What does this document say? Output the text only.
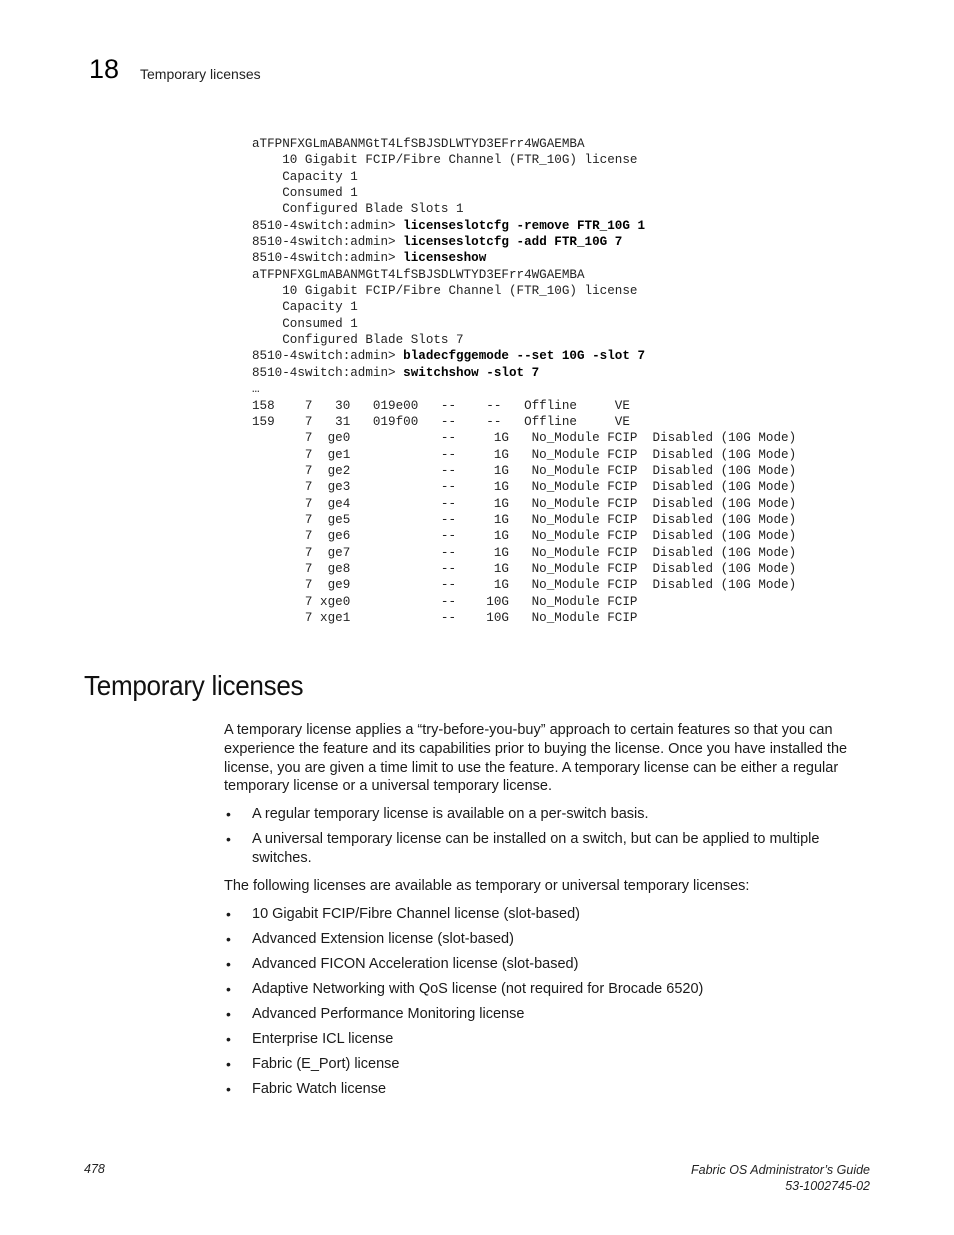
18 Temporary licenses
aTFPNFXGLmABANMGtT4LfSBJSDLWTYD3EFrr4WGAEMBA
10 Gigabit FCIP/Fibre Channel (FTR_10G) license
Capacity 1
Consumed 1
Configured Blade Slots 1
8510-4switch:admin> licenseslotcfg -remove FTR_10G 1
8510-4switch:admin> licenseslotcfg -add FTR_10G 7
8510-4switch:admin> licenseshow
aTFPNFXGLmABANMGtT4LfSBJSDLWTYD3EFrr4WGAEMBA
10 Gigabit FCIP/Fibre Channel (FTR_10G) license
Capacity 1
Consumed 1
Configured Blade Slots 7
8510-4switch:admin> bladecfggemode --set 10G -slot 7
8510-4switch:admin> switchshow -slot 7
…
158    7   30   019e00   --    --   Offline     VE
159    7   31   019f00   --    --   Offline     VE
7  ge0            --     1G   No_Module FCIP  Disabled (10G Mode)
7  ge1            --     1G   No_Module FCIP  Disabled (10G Mode)
7  ge2            --     1G   No_Module FCIP  Disabled (10G Mode)
7  ge3            --     1G   No_Module FCIP  Disabled (10G Mode)
7  ge4            --     1G   No_Module FCIP  Disabled (10G Mode)
7  ge5            --     1G   No_Module FCIP  Disabled (10G Mode)
7  ge6            --     1G   No_Module FCIP  Disabled (10G Mode)
7  ge7            --     1G   No_Module FCIP  Disabled (10G Mode)
7  ge8            --     1G   No_Module FCIP  Disabled (10G Mode)
7  ge9            --     1G   No_Module FCIP  Disabled (10G Mode)
7 xge0            --    10G   No_Module FCIP
7 xge1            --    10G   No_Module FCIP
Temporary licenses

A temporary license applies a “try-before-you-buy” approach to certain features so that you can experience the feature and its capabilities prior to buying the license. Once you have installed the license, you are given a time limit to use the feature. A temporary license can be either a regular temporary license or a universal temporary license.

• A regular temporary license is available on a per-switch basis.
• A universal temporary license can be installed on a switch, but can be applied to multiple switches.

The following licenses are available as temporary or universal temporary licenses:

• 10 Gigabit FCIP/Fibre Channel license (slot-based)
• Advanced Extension license (slot-based)
• Advanced FICON Acceleration license (slot-based)
• Adaptive Networking with QoS license (not required for Brocade 6520)
• Advanced Performance Monitoring license
• Enterprise ICL license
• Fabric (E_Port) license
• Fabric Watch license
478	Fabric OS Administrator’s Guide
53-1002745-02
